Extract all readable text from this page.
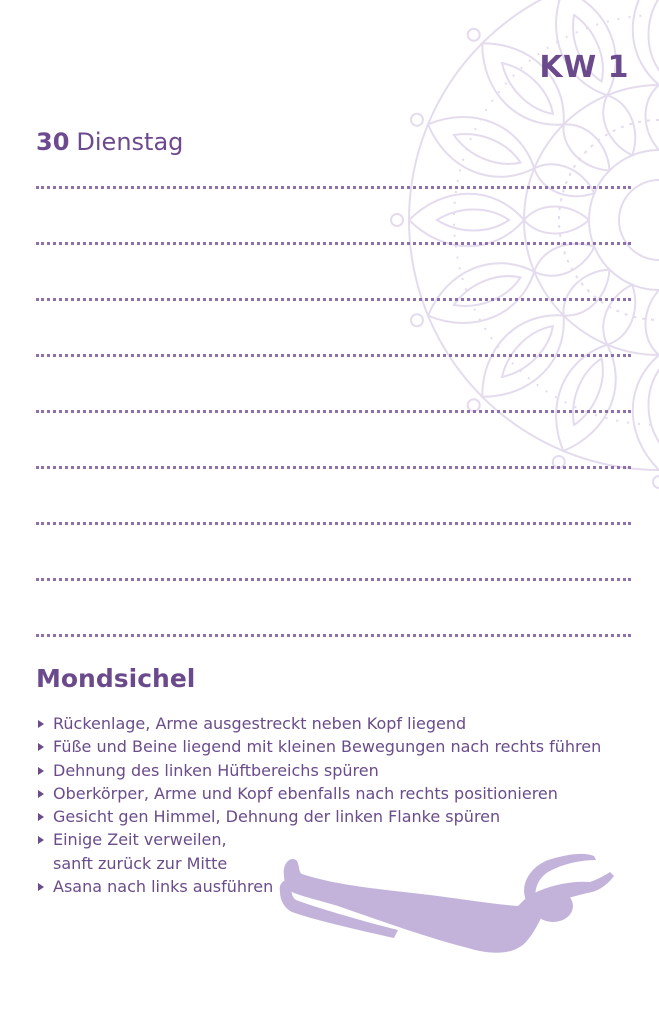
KW 1
30 Dienstag
Mondsichel
Rückenlage, Arme ausgestreckt neben Kopf liegend
Füße und Beine liegend mit kleinen Bewegungen nach rechts führen
Dehnung des linken Hüftbereichs spüren
Oberkörper, Arme und Kopf ebenfalls nach rechts positionieren
Gesicht gen Himmel, Dehnung der linken Flanke spüren
Einige Zeit verweilen,
sanft zurück zur Mitte
Asana nach links ausführen
